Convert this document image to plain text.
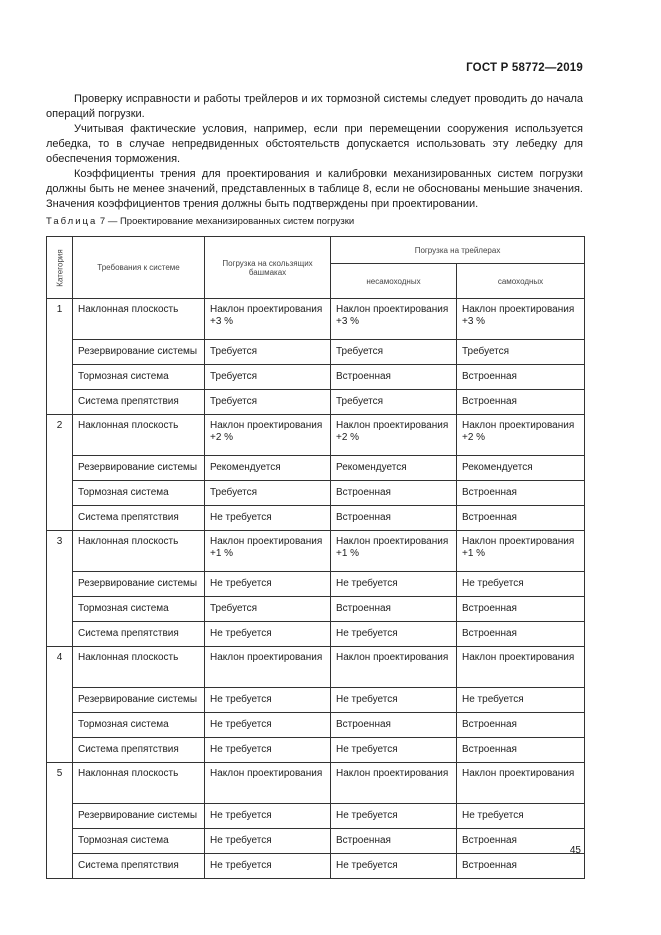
ГОСТ Р 58772—2019

Проверку исправности и работы трейлеров и их тормозной системы следует проводить до начала операций погрузки.

Учитывая фактические условия, например, если при перемещении сооружения используется лебедка, то в случае непредвиденных обстоятельств допускается использовать эту лебедку для обеспечения торможения.

Коэффициенты трения для проектирования и калибровки механизированных систем погрузки должны быть не менее значений, представленных в таблице 8, если не обоснованы меньшие значения. Значения коэффициентов трения должны быть подтверждены при проектировании.

Таблица 7 — Проектирование механизированных систем погрузки
Категория	Требования к системе	Погрузка на скользящих башмаках	Погрузка на трейлерах	
			несамоходных	самоходных
1	Наклонная плоскость	Наклон проектирования +3 %	Наклон проектирования +3 %	Наклон проектирования +3 %
	Резервирование системы	Требуется	Требуется	Требуется
	Тормозная система	Требуется	Встроенная	Встроенная
	Система препятствия	Требуется	Требуется	Встроенная
2	Наклонная плоскость	Наклон проектирования +2 %	Наклон проектирования +2 %	Наклон проектирования +2 %
	Резервирование системы	Рекомендуется	Рекомендуется	Рекомендуется
	Тормозная система	Требуется	Встроенная	Встроенная
	Система препятствия	Не требуется	Встроенная	Встроенная
3	Наклонная плоскость	Наклон проектирования +1 %	Наклон проектирования +1 %	Наклон проектирования +1 %
	Резервирование системы	Не требуется	Не требуется	Не требуется
	Тормозная система	Требуется	Встроенная	Встроенная
	Система препятствия	Не требуется	Не требуется	Встроенная
4	Наклонная плоскость	Наклон проектирования	Наклон проектирования	Наклон проектирования
	Резервирование системы	Не требуется	Не требуется	Не требуется
	Тормозная система	Не требуется	Встроенная	Встроенная
	Система препятствия	Не требуется	Не требуется	Встроенная
5	Наклонная плоскость	Наклон проектирования	Наклон проектирования	Наклон проектирования
	Резервирование системы	Не требуется	Не требуется	Не требуется
	Тормозная система	Не требуется	Встроенная	Встроенная
	Система препятствия	Не требуется	Не требуется	Встроенная
45
